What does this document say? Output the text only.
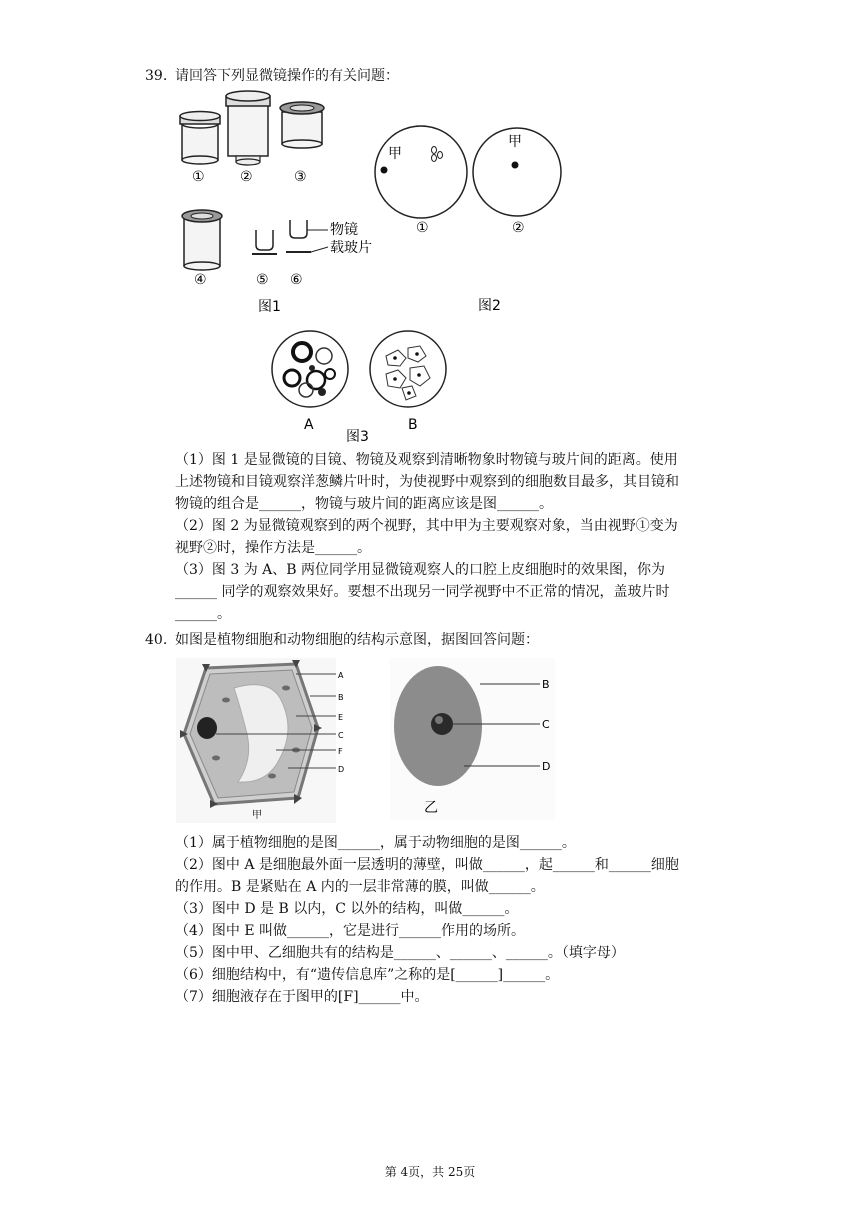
39. 请回答下列显微镜操作的有关问题：
①	②	③
物镜
载玻片
④	⑤ ⑥
图1
甲
甲
①	②
图2
A	B
图3
（1）图 1 是显微镜的目镜、物镜及观察到清晰物象时物镜与玻片间的距离。使用
上述物镜和目镜观察洋葱鳞片叶时，为使视野中观察到的细胞数目最多，其目镜和
物镜的组合是______，物镜与玻片间的距离应该是图______。
（2）图 2 为显微镜观察到的两个视野，其中甲为主要观察对象，当由视野①变为
视野②时，操作方法是______。
（3）图 3 为 A、B 两位同学用显微镜观察人的口腔上皮细胞时的效果图，你为
______ 同学的观察效果好。要想不出现另一同学视野中不正常的情况，盖玻片时
______。
40. 如图是植物细胞和动物细胞的结构示意图，据图回答问题：
甲
A
B
E
C
F
D
B
C
D
乙
（1）属于植物细胞的是图______，属于动物细胞的是图______。
（2）图中 A 是细胞最外面一层透明的薄壁，叫做______，起______和______细胞
的作用。B 是紧贴在 A 内的一层非常薄的膜，叫做______。
（3）图中 D 是 B 以内，C 以外的结构，叫做______。
（4）图中 E 叫做______，它是进行______作用的场所。
（5）图中甲、乙细胞共有的结构是______、______、______。（填字母）
（6）细胞结构中，有“遗传信息库”之称的是[______]______。
（7）细胞液存在于图甲的[F]______中。
第 4页，共 25页
